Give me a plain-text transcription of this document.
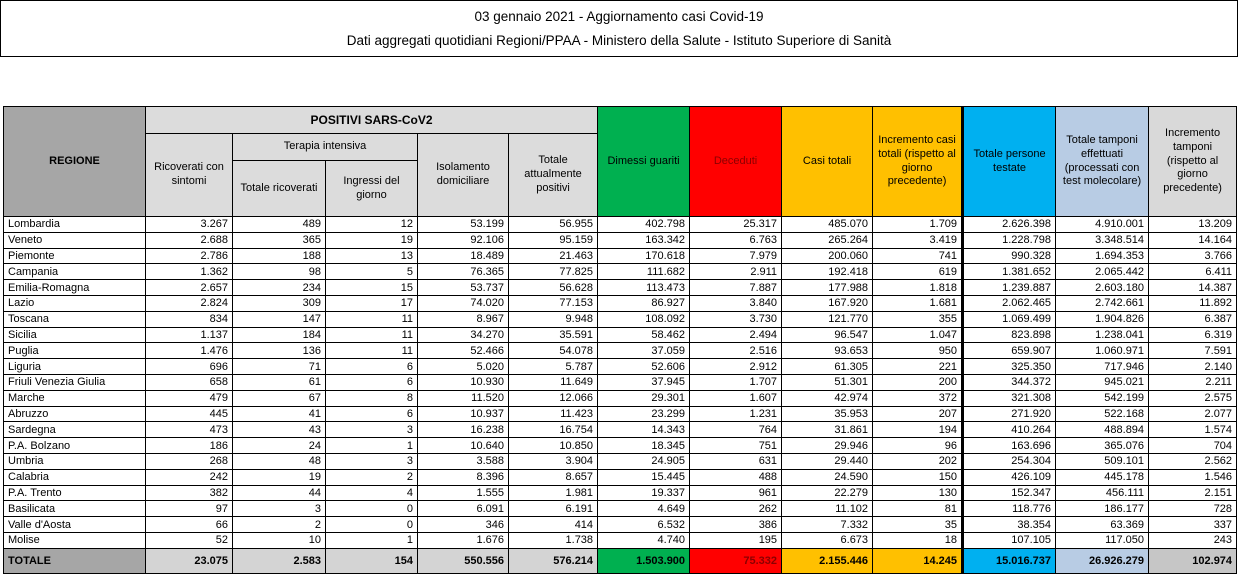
03 gennaio 2021 - Aggiornamento casi Covid-19
Dati aggregati quotidiani Regioni/PPAA - Ministero della Salute - Istituto Superiore di Sanità
REGIONE	POSITIVI SARS-CoV2					Dimessi guariti	Deceduti	Casi totali	Incremento casi totali (rispetto al giorno precedente)	Totale persone testate	Totale tamponi effettuati (processati con test molecolare)	Incremento tamponi (rispetto al giorno precedente)
	Ricoverati con sintomi	Terapia intensiva		Isolamento domiciliare	Totale attualmente positivi							
		Totale ricoverati	Ingressi del giorno									
Lombardia	3.267	489	12	53.199	56.955	402.798	25.317	485.070	1.709	2.626.398	4.910.001	13.209
Veneto	2.688	365	19	92.106	95.159	163.342	6.763	265.264	3.419	1.228.798	3.348.514	14.164
Piemonte	2.786	188	13	18.489	21.463	170.618	7.979	200.060	741	990.328	1.694.353	3.766
Campania	1.362	98	5	76.365	77.825	111.682	2.911	192.418	619	1.381.652	2.065.442	6.411
Emilia-Romagna	2.657	234	15	53.737	56.628	113.473	7.887	177.988	1.818	1.239.887	2.603.180	14.387
Lazio	2.824	309	17	74.020	77.153	86.927	3.840	167.920	1.681	2.062.465	2.742.661	11.892
Toscana	834	147	11	8.967	9.948	108.092	3.730	121.770	355	1.069.499	1.904.826	6.387
Sicilia	1.137	184	11	34.270	35.591	58.462	2.494	96.547	1.047	823.898	1.238.041	6.319
Puglia	1.476	136	11	52.466	54.078	37.059	2.516	93.653	950	659.907	1.060.971	7.591
Liguria	696	71	6	5.020	5.787	52.606	2.912	61.305	221	325.350	717.946	2.140
Friuli Venezia Giulia	658	61	6	10.930	11.649	37.945	1.707	51.301	200	344.372	945.021	2.211
Marche	479	67	8	11.520	12.066	29.301	1.607	42.974	372	321.308	542.199	2.575
Abruzzo	445	41	6	10.937	11.423	23.299	1.231	35.953	207	271.920	522.168	2.077
Sardegna	473	43	3	16.238	16.754	14.343	764	31.861	194	410.264	488.894	1.574
P.A. Bolzano	186	24	1	10.640	10.850	18.345	751	29.946	96	163.696	365.076	704
Umbria	268	48	3	3.588	3.904	24.905	631	29.440	202	254.304	509.101	2.562
Calabria	242	19	2	8.396	8.657	15.445	488	24.590	150	426.109	445.178	1.546
P.A. Trento	382	44	4	1.555	1.981	19.337	961	22.279	130	152.347	456.111	2.151
Basilicata	97	3	0	6.091	6.191	4.649	262	11.102	81	118.776	186.177	728
Valle d'Aosta	66	2	0	346	414	6.532	386	7.332	35	38.354	63.369	337
Molise	52	10	1	1.676	1.738	4.740	195	6.673	18	107.105	117.050	243
TOTALE	23.075	2.583	154	550.556	576.214	1.503.900	75.332	2.155.446	14.245	15.016.737	26.926.279	102.974
